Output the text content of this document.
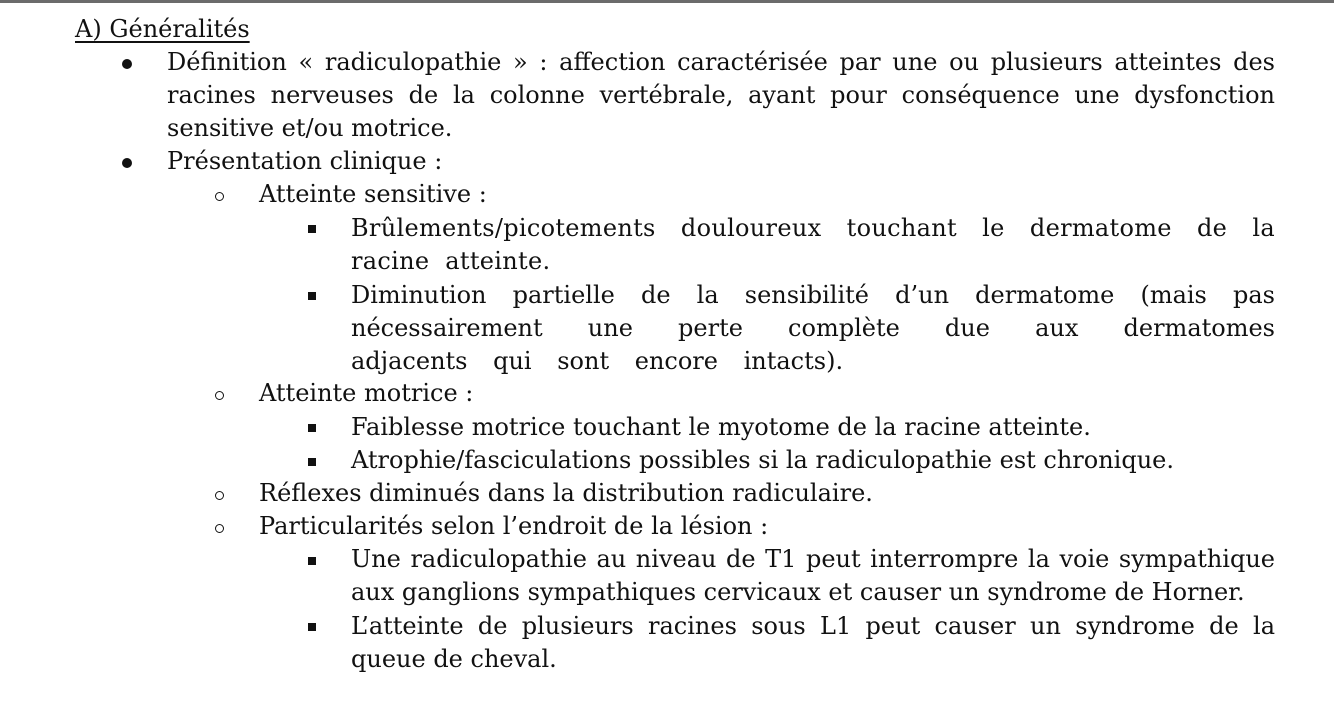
A) Généralités
Définition « radiculopathie » : affection caractérisée par une ou plusieurs atteintes des racines nerveuses de la colonne vertébrale, ayant pour conséquence une dysfonction sensitive et/ou motrice.
Présentation clinique :
Atteinte sensitive :
Brûlements/picotements douloureux touchant le dermatome de la racine atteinte.
Diminution partielle de la sensibilité d’un dermatome (mais pas nécessairement une perte complète due aux dermatomes adjacents qui sont encore intacts).
Atteinte motrice :
Faiblesse motrice touchant le myotome de la racine atteinte.
Atrophie/fasciculations possibles si la radiculopathie est chronique.
Réflexes diminués dans la distribution radiculaire.
Particularités selon l’endroit de la lésion :
Une radiculopathie au niveau de T1 peut interrompre la voie sympathique aux ganglions sympathiques cervicaux et causer un syndrome de Horner.
L’atteinte de plusieurs racines sous L1 peut causer un syndrome de la queue de cheval.
